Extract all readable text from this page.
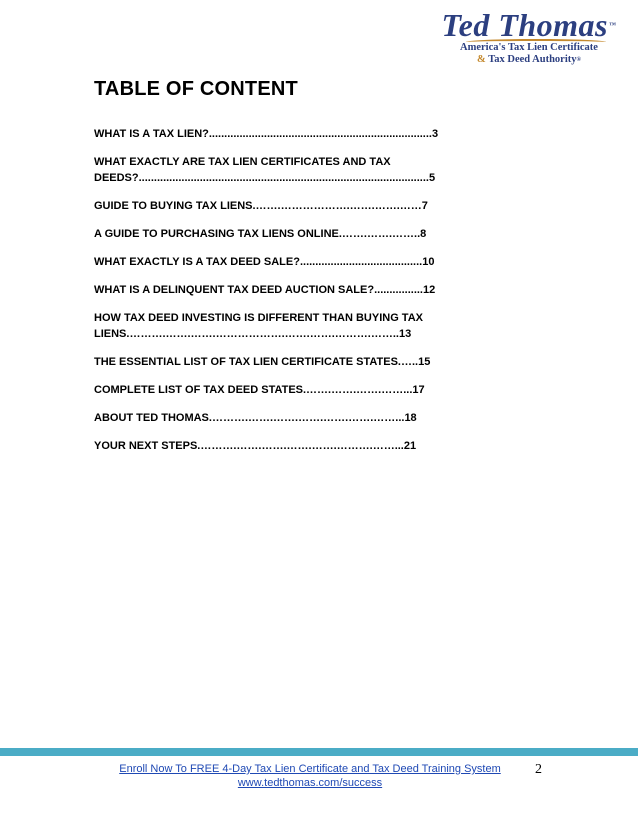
Ted Thomas™
America's Tax Lien Certificate
& Tax Deed Authority®
TABLE OF CONTENT
WHAT IS A TAX LIEN?.........................................................................3
WHAT EXACTLY ARE TAX LIEN CERTIFICATES AND TAX
DEEDS?...............................................................................................5
GUIDE TO BUYING TAX LIENS.…….……………….…….…….……7
A GUIDE TO PURCHASING TAX LIENS ONLINE.…….…….……..8
WHAT EXACTLY IS A TAX DEED SALE?........................................10
WHAT IS A DELINQUENT TAX DEED AUCTION SALE?................12
HOW TAX DEED INVESTING IS DIFFERENT THAN BUYING TAX
LIENS.……….…….…….……………….…….…….……….……..13
THE ESSENTIAL LIST OF TAX LIEN CERTIFICATE STATES.…..15
COMPLETE LIST OF TAX DEED STATES.…….…….…….……...17
ABOUT TED THOMAS.……….…….…….…….…….…….……...18
YOUR NEXT STEPS.……….…….…….…….…….……….……...21
Enroll Now To FREE 4-Day Tax Lien Certificate and Tax Deed Training System
www.tedthomas.com/success
2
